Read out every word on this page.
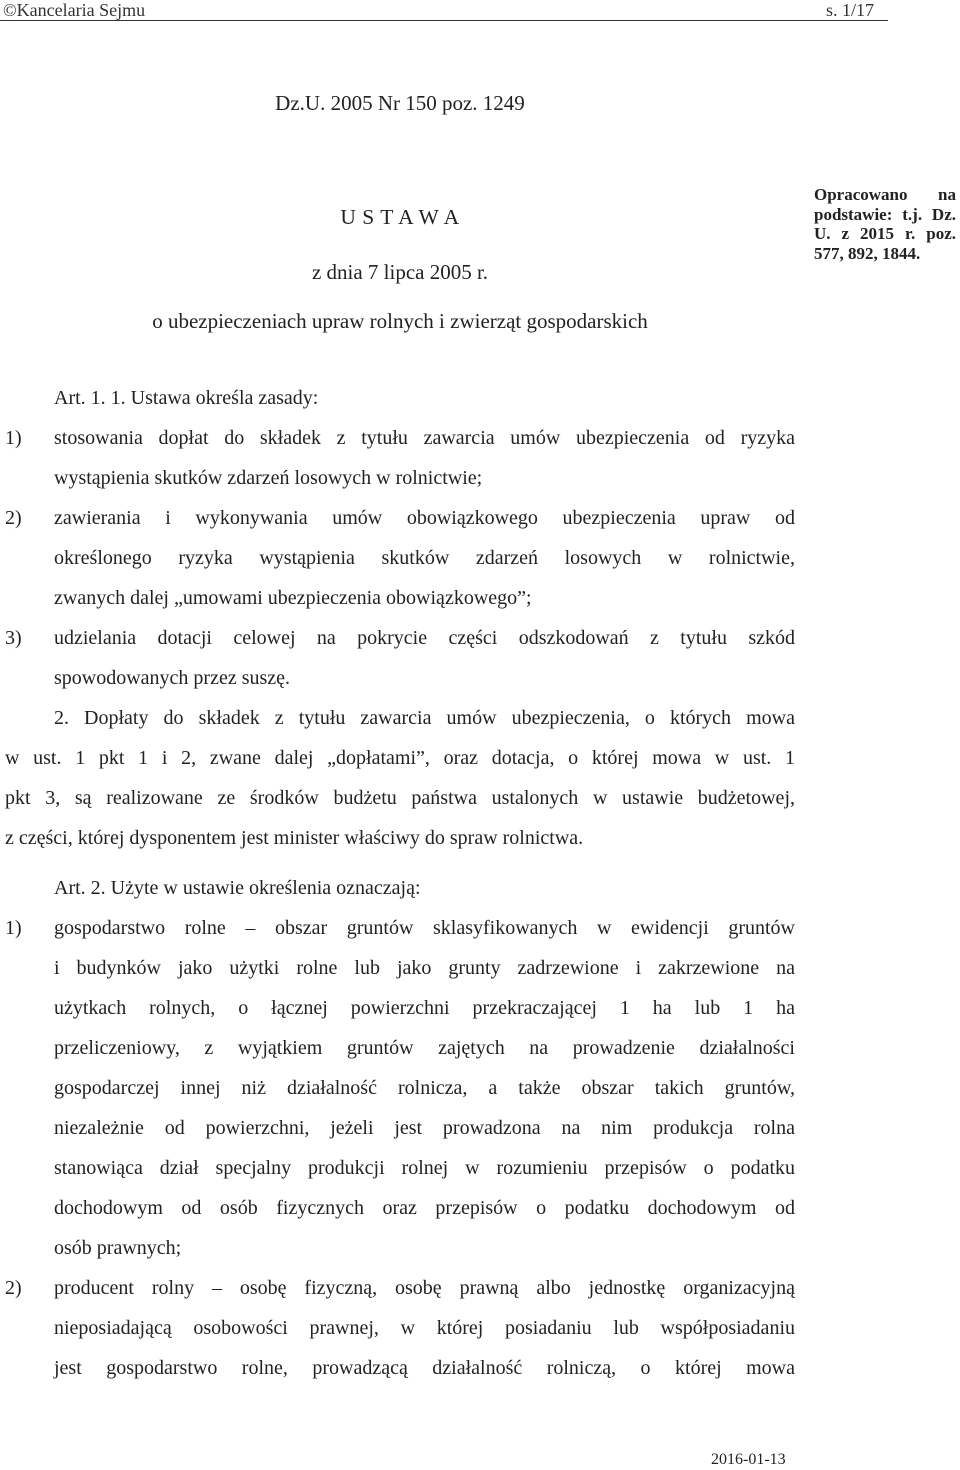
©Kancelaria Sejmu	s. 1/17
Dz.U. 2005 Nr 150 poz. 1249
U S T A W A
z dnia 7 lipca 2005 r.
o ubezpieczeniach upraw rolnych i zwierząt gospodarskich
Opracowano na podstawie: t.j. Dz. U. z 2015 r. poz. 577, 892, 1844.
Art. 1. 1. Ustawa określa zasady:
1) stosowania dopłat do składek z tytułu zawarcia umów ubezpieczenia od ryzyka
wystąpienia skutków zdarzeń losowych w rolnictwie;
2) zawierania i wykonywania umów obowiązkowego ubezpieczenia upraw od
określonego ryzyka wystąpienia skutków zdarzeń losowych w rolnictwie,
zwanych dalej „umowami ubezpieczenia obowiązkowego”;
3) udzielania dotacji celowej na pokrycie części odszkodowań z tytułu szkód
spowodowanych przez suszę.
2. Dopłaty do składek z tytułu zawarcia umów ubezpieczenia, o których mowa
w ust. 1 pkt 1 i 2, zwane dalej „dopłatami”, oraz dotacja, o której mowa w ust. 1
pkt 3, są realizowane ze środków budżetu państwa ustalonych w ustawie budżetowej,
z części, której dysponentem jest minister właściwy do spraw rolnictwa.
Art. 2. Użyte w ustawie określenia oznaczają:
1) gospodarstwo rolne – obszar gruntów sklasyfikowanych w ewidencji gruntów
i budynków jako użytki rolne lub jako grunty zadrzewione i zakrzewione na
użytkach rolnych, o łącznej powierzchni przekraczającej 1 ha lub 1 ha
przeliczeniowy, z wyjątkiem gruntów zajętych na prowadzenie działalności
gospodarczej innej niż działalność rolnicza, a także obszar takich gruntów,
niezależnie od powierzchni, jeżeli jest prowadzona na nim produkcja rolna
stanowiąca dział specjalny produkcji rolnej w rozumieniu przepisów o podatku
dochodowym od osób fizycznych oraz przepisów o podatku dochodowym od
osób prawnych;
2) producent rolny – osobę fizyczną, osobę prawną albo jednostkę organizacyjną
nieposiadającą osobowości prawnej, w której posiadaniu lub współposiadaniu
jest gospodarstwo rolne, prowadzącą działalność rolniczą, o której mowa
2016-01-13
